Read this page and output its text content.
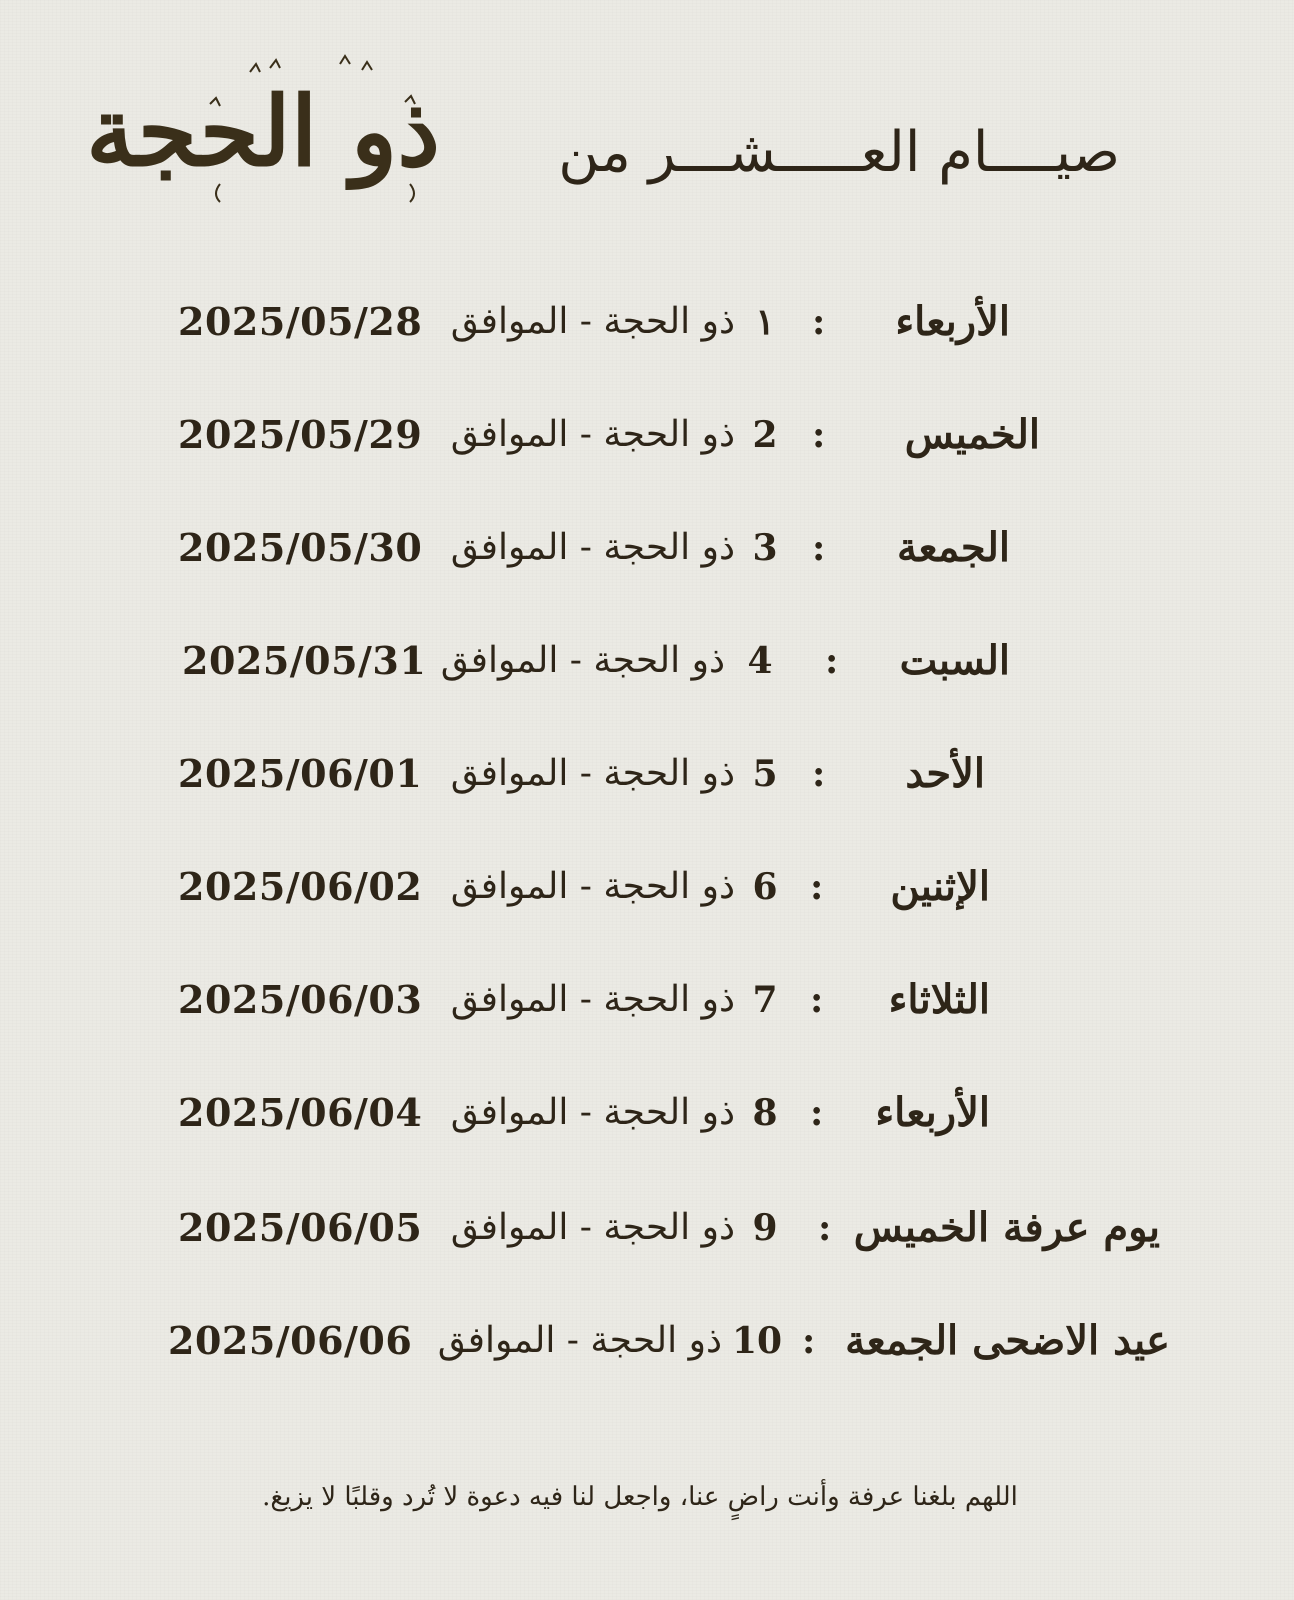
ذو الحجة	صيــــام العـــــشـــر من
الأربعاء
:
١
ذو الحجة - الموافق
2025/05/28
الخميس
:
2
ذو الحجة - الموافق
2025/05/29
الجمعة
:
3
ذو الحجة - الموافق
2025/05/30
السبت
:
4
ذو الحجة - الموافق
2025/05/31
الأحد
:
5
ذو الحجة - الموافق
2025/06/01
الإثنين
:
6
ذو الحجة - الموافق
2025/06/02
الثلاثاء
:
7
ذو الحجة - الموافق
2025/06/03
الأربعاء
:
8
ذو الحجة - الموافق
2025/06/04
يوم عرفة الخميس
:
9
ذو الحجة - الموافق
2025/06/05
عيد الاضحى الجمعة
:
10
ذو الحجة - الموافق
2025/06/06
اللهم بلغنا عرفة وأنت راضٍ عنا، واجعل لنا فيه دعوة لا تُرد وقلبًا لا يزيغ.
